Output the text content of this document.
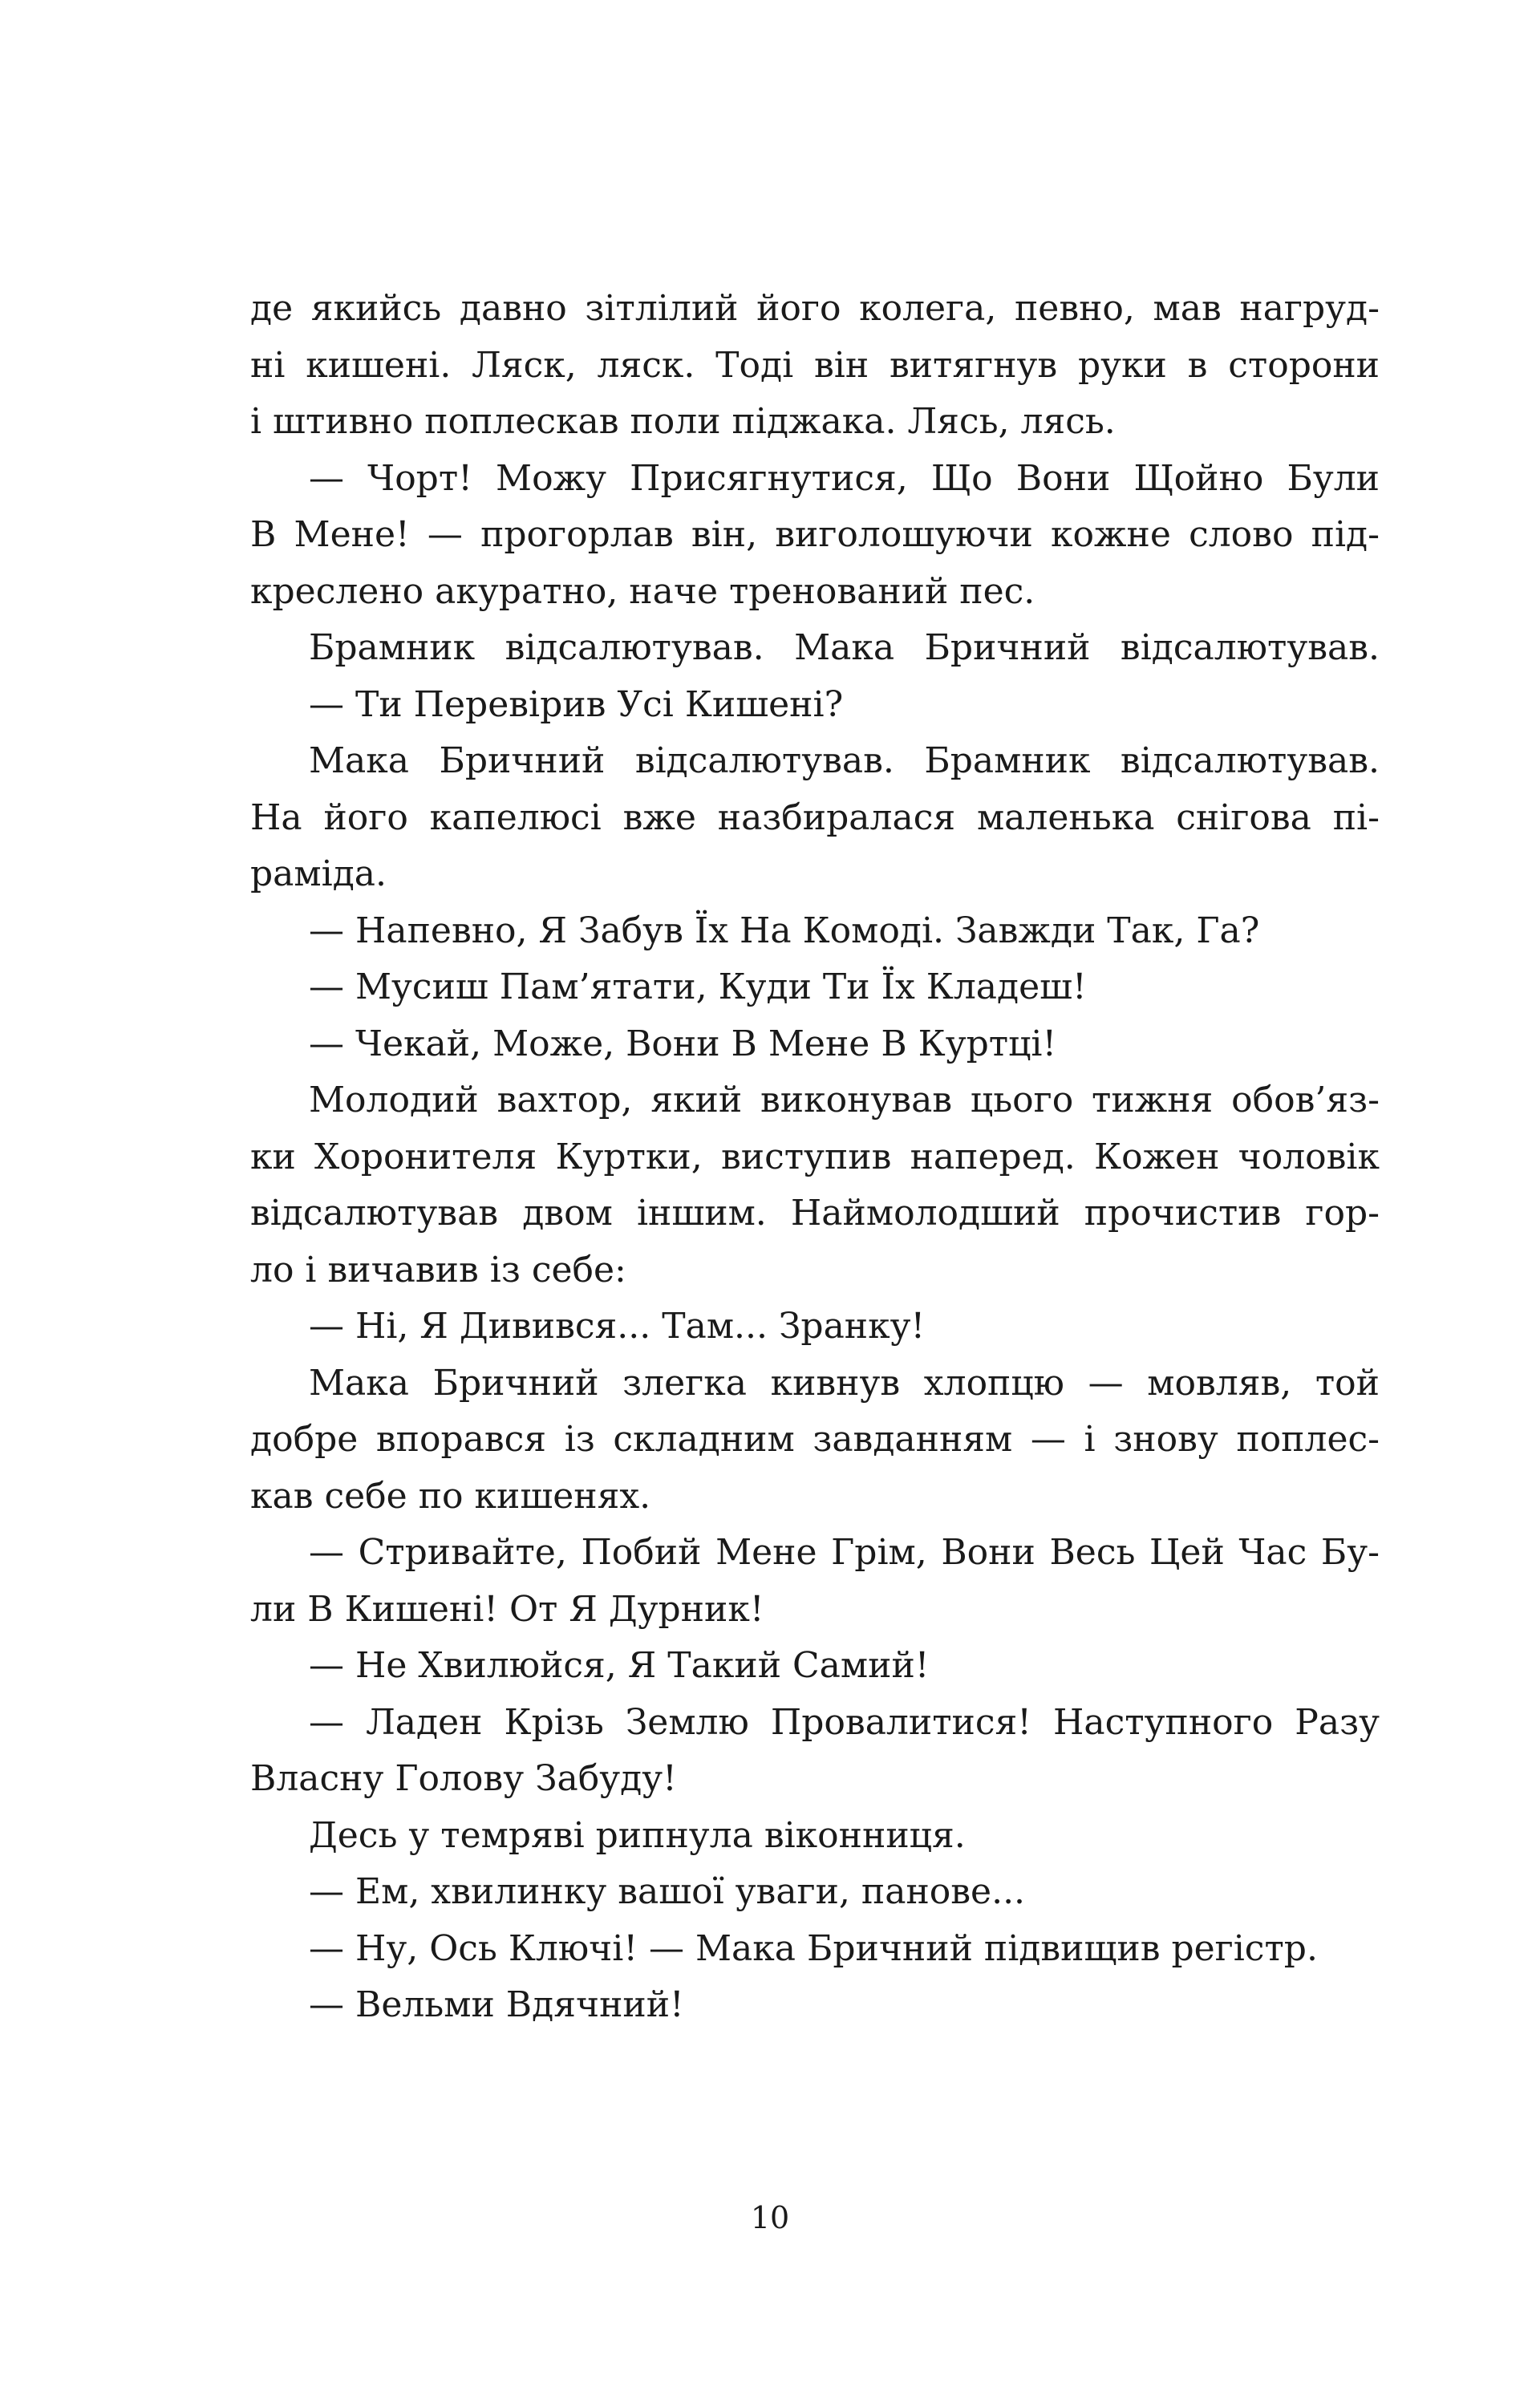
де якийсь давно зітлілий його колега, певно, мав нагруд-
ні кишені. Ляск, ляск. Тоді він витягнув руки в сторони
і штивно поплескав поли піджака. Лясь, лясь.
— Чорт! Можу Присягнутися, Що Вони Щойно Були
В Мене! — прогорлав він, виголошуючи кожне слово під-
креслено акуратно, наче тренований пес.
Брамник відсалютував. Мака Бричний відсалютував.
— Ти Перевірив Усі Кишені?
Мака Бричний відсалютував. Брамник відсалютував.
На його капелюсі вже назбиралася маленька снігова пі-
раміда.
— Напевно, Я Забув Їх На Комоді. Завжди Так, Га?
— Мусиш Пам’ятати, Куди Ти Їх Кладеш!
— Чекай, Може, Вони В Мене В Куртці!
Молодий вахтор, який виконував цього тижня обов’яз-
ки Хоронителя Куртки, виступив наперед. Кожен чоловік
відсалютував двом іншим. Наймолодший прочистив гор-
ло і вичавив із себе:
— Ні, Я Дивився... Там... Зранку!
Мака Бричний злегка кивнув хлопцю — мовляв, той
добре впорався із складним завданням — і знову поплес-
кав себе по кишенях.
— Стривайте, Побий Мене Грім, Вони Весь Цей Час Бу-
ли В Кишені! От Я Дурник!
— Не Хвилюйся, Я Такий Самий!
— Ладен Крізь Землю Провалитися! Наступного Разу
Власну Голову Забуду!
Десь у темряві рипнула віконниця.
— Ем, хвилинку вашої уваги, панове...
— Ну, Ось Ключі! — Мака Бричний підвищив регістр.
— Вельми Вдячний!
10
